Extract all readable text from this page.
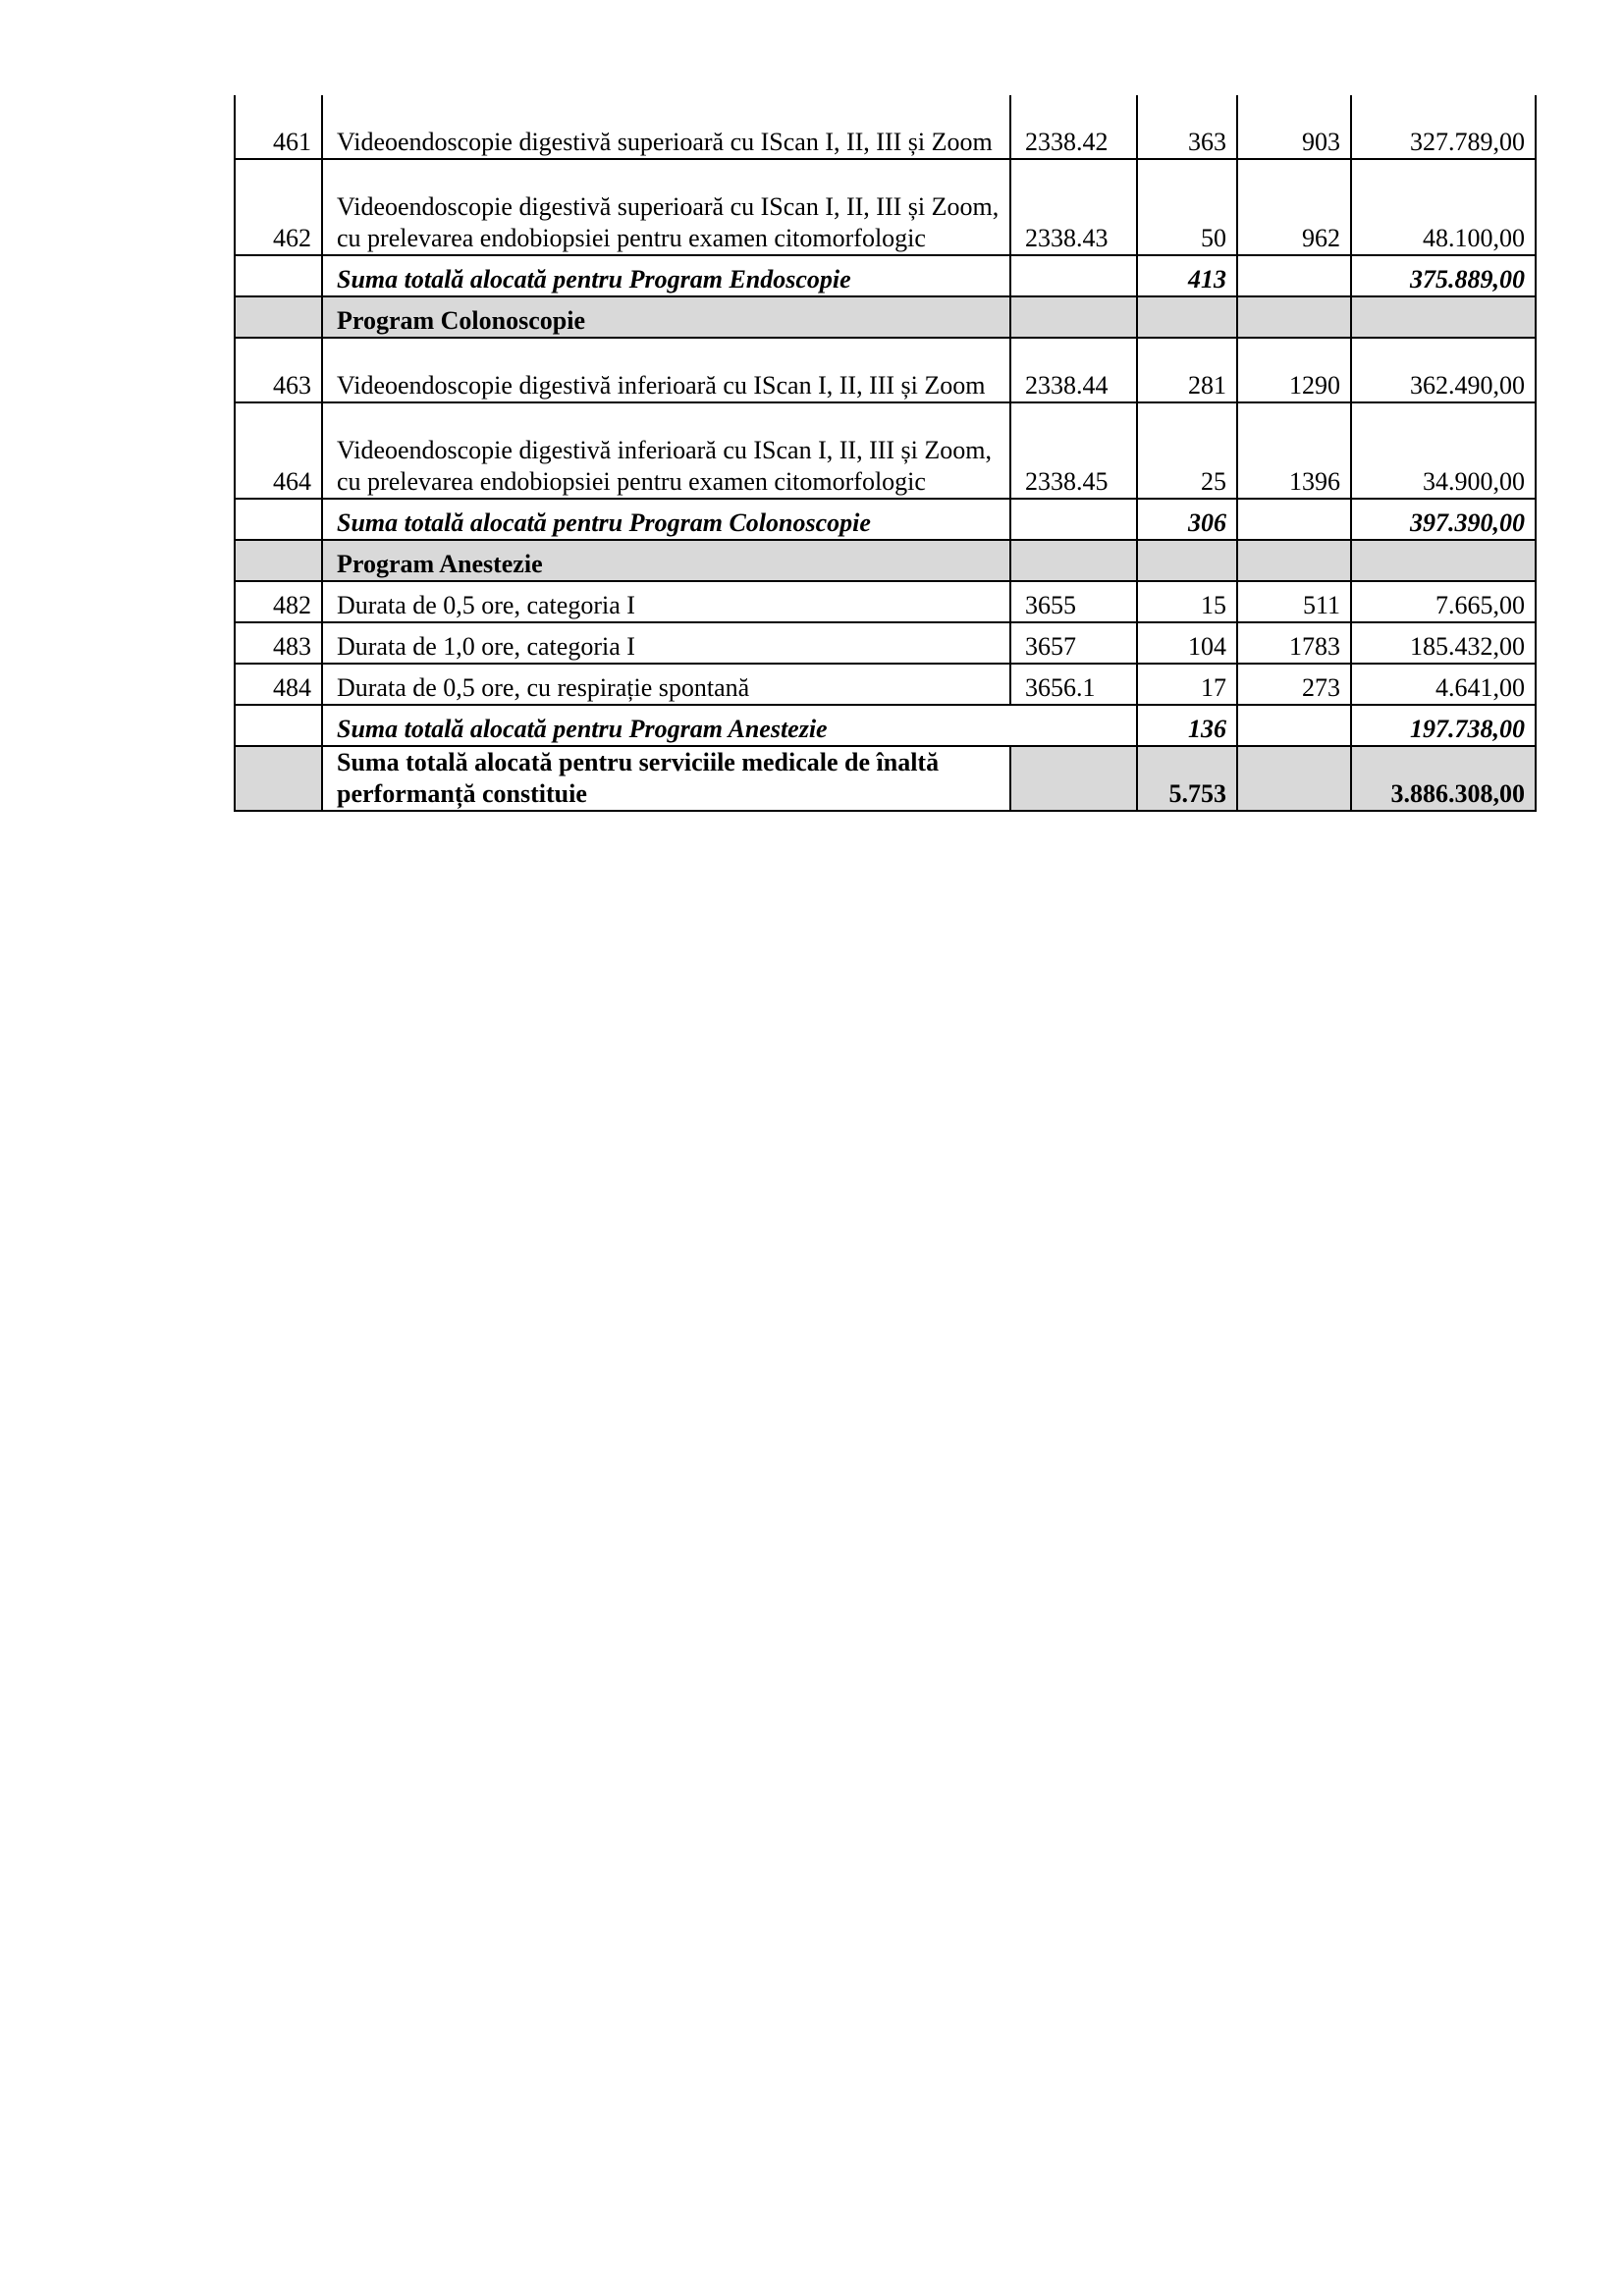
461	Videoendoscopie digestivă superioară cu IScan I, II, III și Zoom	2338.42	363	903	327.789,00
462	Videoendoscopie digestivă superioară cu IScan I, II, III și Zoom, cu prelevarea endobiopsiei pentru examen citomorfologic	2338.43	50	962	48.100,00
	Suma totală alocată pentru Program Endoscopie		413		375.889,00
	Program Colonoscopie				
463	Videoendoscopie digestivă inferioară cu IScan I, II, III și Zoom	2338.44	281	1290	362.490,00
464	Videoendoscopie digestivă inferioară cu IScan I, II, III și Zoom, cu prelevarea endobiopsiei pentru examen citomorfologic	2338.45	25	1396	34.900,00
	Suma totală alocată pentru Program Colonoscopie		306		397.390,00
	Program Anestezie				
482	Durata de 0,5 ore, categoria I	3655	15	511	7.665,00
483	Durata de 1,0 ore, categoria I	3657	104	1783	185.432,00
484	Durata de 0,5 ore, cu respirație spontană	3656.1	17	273	4.641,00
	Suma totală alocată pentru Program Anestezie		136		197.738,00
	Suma totală alocată pentru serviciile medicale de înaltă performanță constituie		5.753		3.886.308,00
